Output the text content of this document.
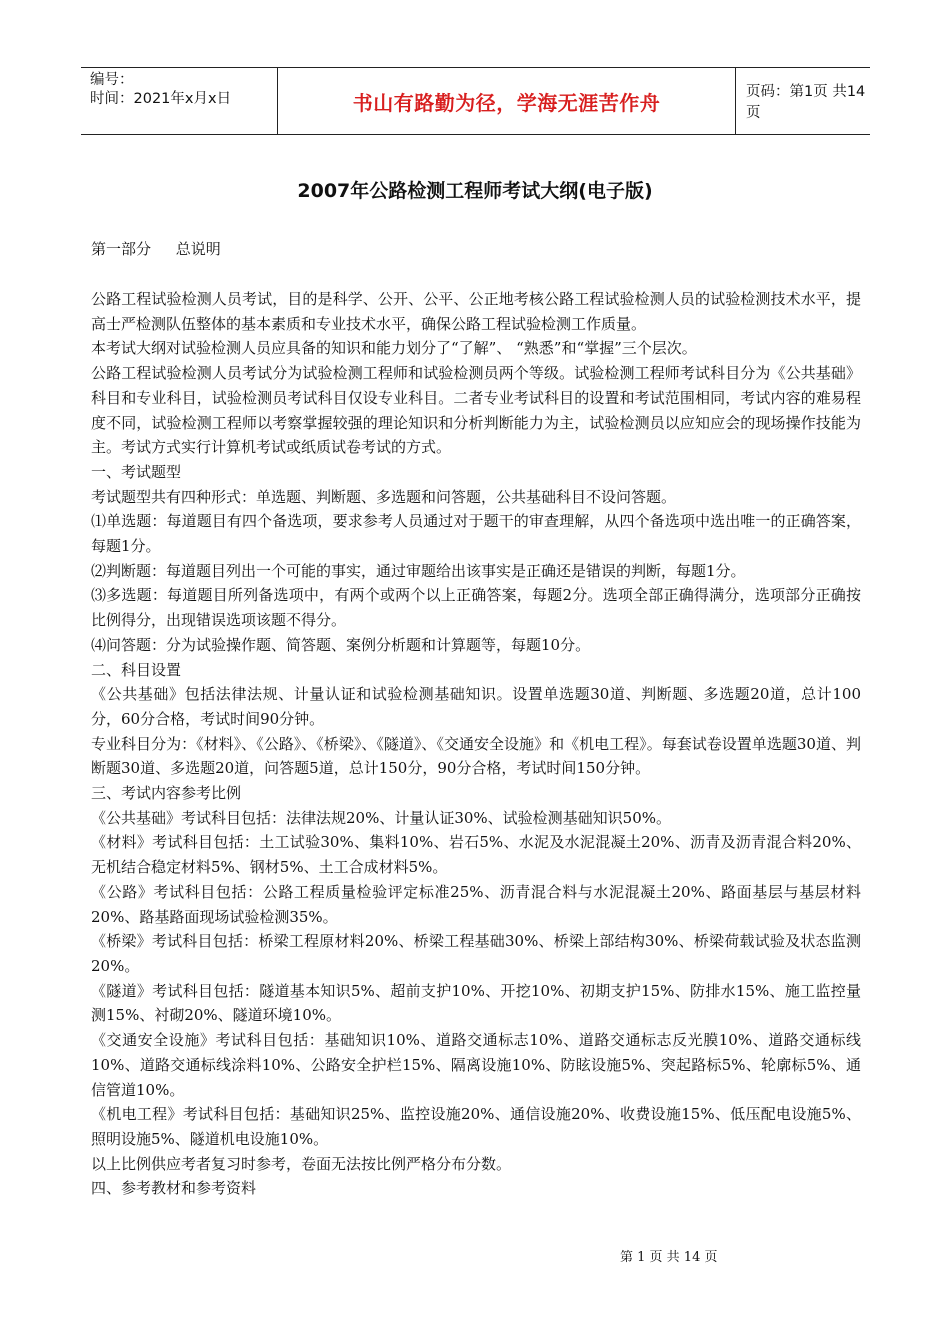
编号：
时间：2021年x月x日	书山有路勤为径，学海无涯苦作舟	页码：第1页 共14页
2007年公路检测工程师考试大纲(电子版)
第一部分 总说明

公路工程试验检测人员考试，目的是科学、公开、公平、公正地考核公路工程试验检测人员的试验检测技术水平，提高士严检测队伍整体的基本素质和专业技术水平，确保公路工程试验检测工作质量。

本考试大纲对试验检测人员应具备的知识和能力划分了“了解”、 “熟悉”和“掌握”三个层次。

公路工程试验检测人员考试分为试验检测工程师和试验检测员两个等级。试验检测工程师考试科目分为《公共基础》科目和专业科目，试验检测员考试科目仅设专业科目。二者专业考试科目的设置和考试范围相同，考试内容的难易程度不同，试验检测工程师以考察掌握较强的理论知识和分析判断能力为主，试验检测员以应知应会的现场操作技能为主。考试方式实行计算机考试或纸质试卷考试的方式。

一、考试题型

考试题型共有四种形式：单选题、判断题、多选题和问答题，公共基础科目不设问答题。

⑴单选题：每道题目有四个备选项，要求参考人员通过对于题干的审查理解，从四个备选项中选出唯一的正确答案，每题1分。

⑵判断题：每道题目列出一个可能的事实，通过审题给出该事实是正确还是错误的判断，每题1分。

⑶多选题：每道题目所列备选项中，有两个或两个以上正确答案，每题2分。选项全部正确得满分，选项部分正确按比例得分，出现错误选项该题不得分。

⑷问答题：分为试验操作题、简答题、案例分析题和计算题等，每题10分。

二、科目设置

《公共基础》包括法律法规、计量认证和试验检测基础知识。设置单选题30道、判断题、多选题20道，总计100分，60分合格，考试时间90分钟。

专业科目分为：《材料》、《公路》、《桥梁》、《隧道》、《交通安全设施》和《机电工程》。每套试卷设置单选题30道、判断题30道、多选题20道，问答题5道，总计150分，90分合格，考试时间150分钟。

三、考试内容参考比例

《公共基础》考试科目包括：法律法规20%、计量认证30%、试验检测基础知识50%。

《材料》考试科目包括：土工试验30%、集料10%、岩石5%、水泥及水泥混凝土20%、沥青及沥青混合料20%、无机结合稳定材料5%、钢材5%、土工合成材料5%。

《公路》考试科目包括：公路工程质量检验评定标准25%、沥青混合料与水泥混凝土20%、路面基层与基层材料20%、路基路面现场试验检测35%。

《桥梁》考试科目包括：桥梁工程原材料20%、桥梁工程基础30%、桥梁上部结构30%、桥梁荷载试验及状态监测20%。

《隧道》考试科目包括：隧道基本知识5%、超前支护10%、开挖10%、初期支护15%、防排水15%、施工监控量测15%、衬砌20%、隧道环境10%。

《交通安全设施》考试科目包括：基础知识10%、道路交通标志10%、道路交通标志反光膜10%、道路交通标线10%、道路交通标线涂料10%、公路安全护栏15%、隔离设施10%、防眩设施5%、突起路标5%、轮廓标5%、通信管道10%。

《机电工程》考试科目包括：基础知识25%、监控设施20%、通信设施20%、收费设施15%、低压配电设施5%、照明设施5%、隧道机电设施10%。

以上比例供应考者复习时参考，卷面无法按比例严格分布分数。

四、参考教材和参考资料

第 1 页 共 14 页
